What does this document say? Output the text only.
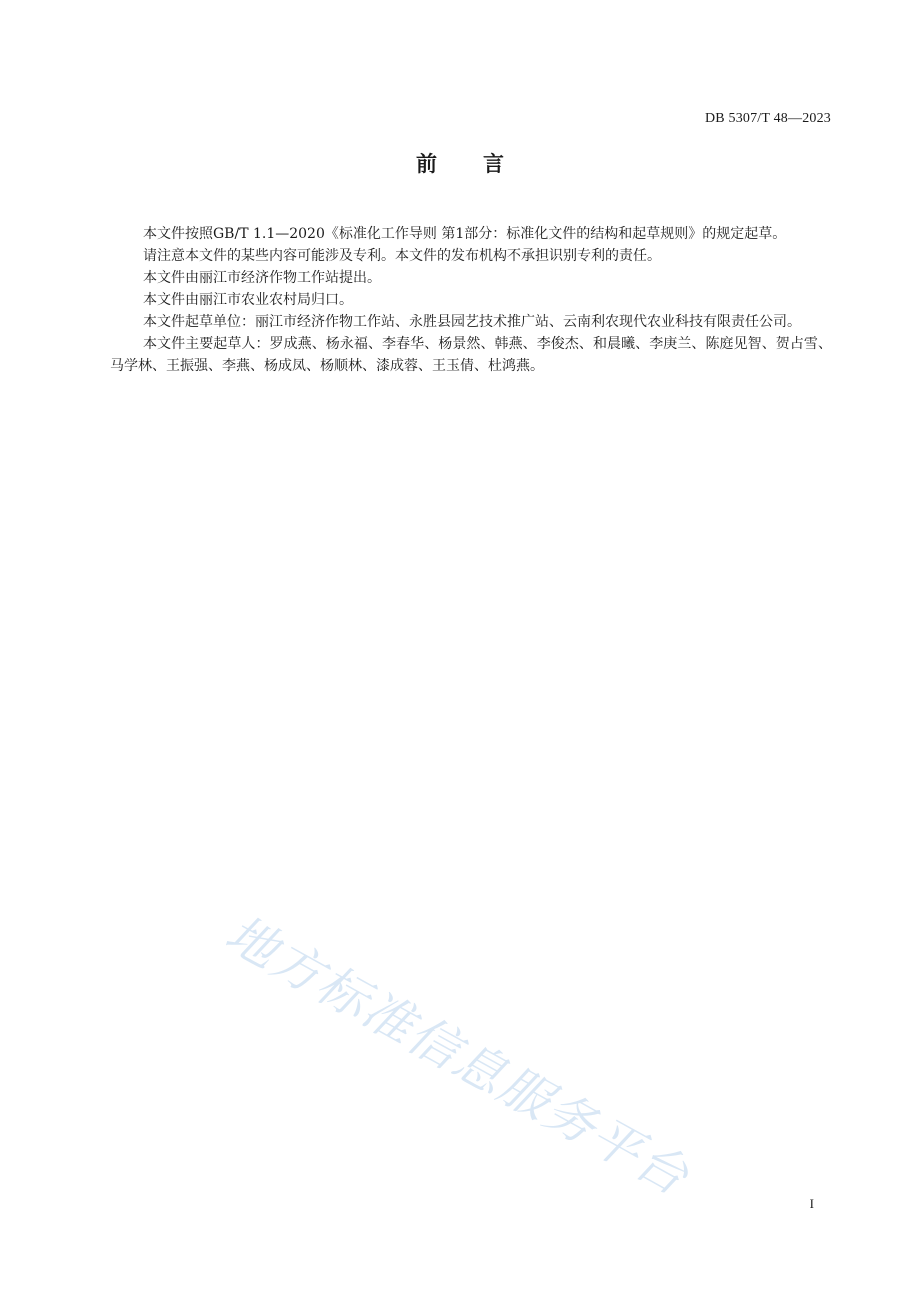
DB 5307/T 48—2023
前 言

本文件按照GB/T 1.1—2020《标准化工作导则 第1部分：标准化文件的结构和起草规则》的规定起草。

请注意本文件的某些内容可能涉及专利。本文件的发布机构不承担识别专利的责任。

本文件由丽江市经济作物工作站提出。

本文件由丽江市农业农村局归口。

本文件起草单位：丽江市经济作物工作站、永胜县园艺技术推广站、云南利农现代农业科技有限责任公司。

本文件主要起草人：罗成燕、杨永福、李春华、杨景然、韩燕、李俊杰、和晨曦、李庚兰、陈庭见智、贺占雪、马学林、王振强、李燕、杨成凤、杨顺林、漆成蓉、王玉倩、杜鸿燕。

地方标准信息服务平台	I
